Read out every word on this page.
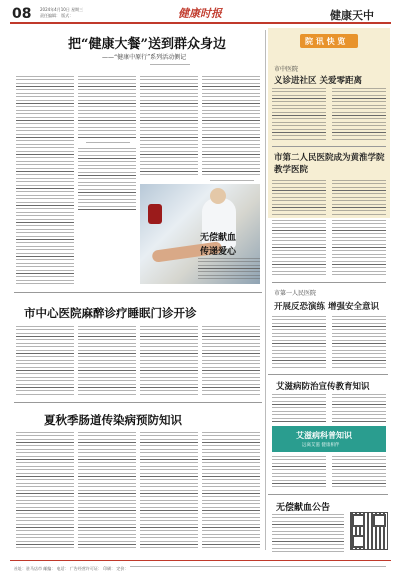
08 2024年4月10日 星期三
责任编辑： 版式：	健康时报	健康天中
把“健康大餐”送到群众身边
——“健康中原行”系列活动侧记
无偿献血
传递爱心
院 讯 快 览
市中医院
义诊进社区 关爱零距离
市第二人民医院成为黄淮学院教学医院
市第一人民医院
开展反恐演练 增强安全意识
市中心医院麻醉诊疗睡眠门诊开诊
夏秋季肠道传染病预防知识
艾滋病防治宣传教育知识
艾滋病科普知识
远离艾滋 健康相伴
无偿献血公告
社址：驻马店市 邮编： 电话： 广告经营许可证： 印刷： 定价：
